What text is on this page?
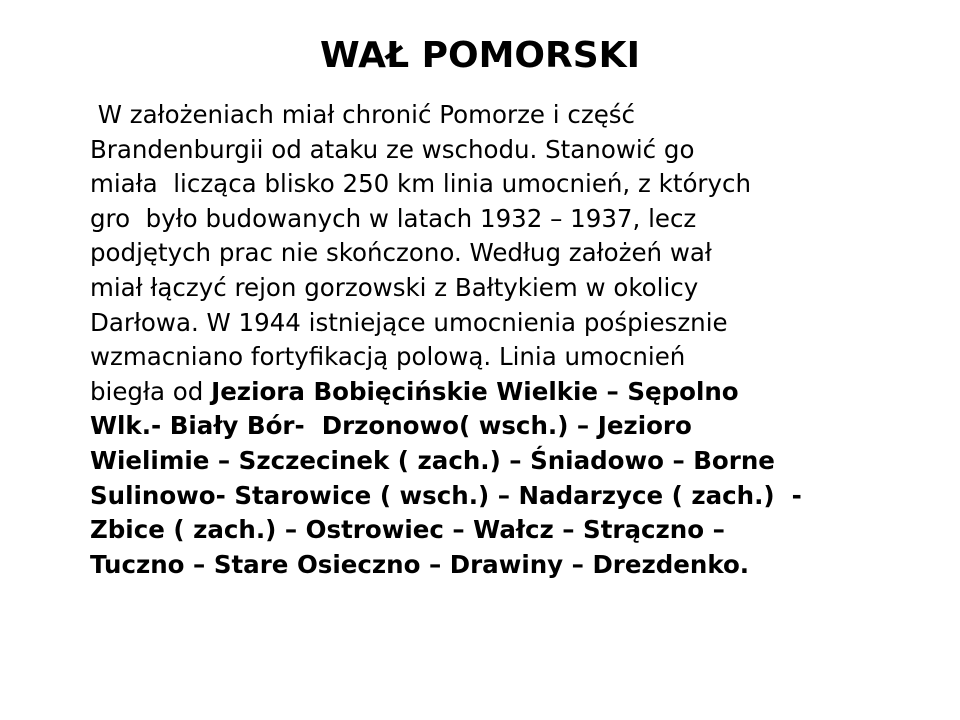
WAŁ POMORSKI
W założeniach miał chronić Pomorze i część
Brandenburgii od ataku ze wschodu. Stanowić go
miała  licząca blisko 250 km linia umocnień, z których
gro  było budowanych w latach 1932 – 1937, lecz
podjętych prac nie skończono. Według założeń wał
miał łączyć rejon gorzowski z Bałtykiem w okolicy
Darłowa. W 1944 istniejące umocnienia pośpiesznie
wzmacniano fortyfikacją polową. Linia umocnień
biegła od Jeziora Bobięcińskie Wielkie – Sępolno
Wlk.- Biały Bór-  Drzonowo( wsch.) – Jezioro
Wielimie – Szczecinek ( zach.) – Śniadowo – Borne
Sulinowo- Starowice ( wsch.) – Nadarzyce ( zach.)  -
Zbice ( zach.) – Ostrowiec – Wałcz – Strączno –
Tuczno – Stare Osieczno – Drawiny – Drezdenko.
